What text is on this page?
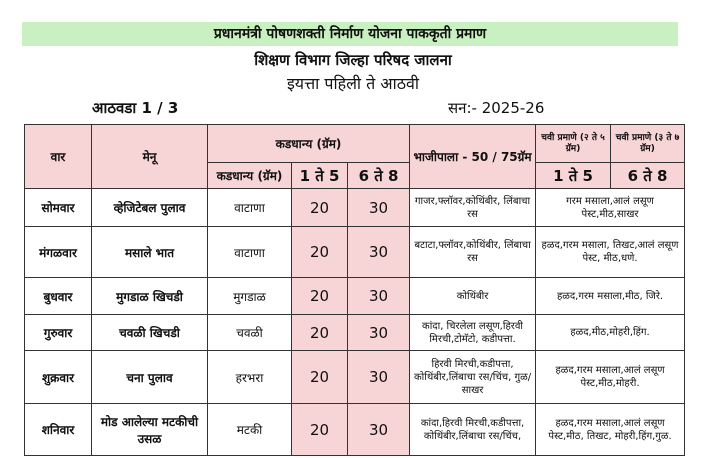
प्रधानमंत्री पोषणशक्ती निर्माण योजना पाककृती प्रमाण
शिक्षण विभाग जिल्हा परिषद जालना
इयत्ता पहिली ते आठवी
आठवडा 1 / 3	सन:- 2025-26
वार	मेनू	कडधान्य (ग्रॅम)			भाजीपाला - 50 / 75ग्रॅम	चवी प्रमाणे (२ ते ५ ग्रॅम)	चवी प्रमाणे (३ ते ७ ग्रॅम)
		कडधान्य (ग्रॅम)	1 ते 5	6 ते 8		1 ते 5	6 ते 8
सोमवार	व्हेजिटेबल पुलाव	वाटाणा	20	30	गाजर,फ्लॉवर,कोथिंबीर, लिंबाचा रस	गरम मसाला,आलं लसूण पेस्ट,मीठ,साखर	
मंगळवार	मसाले भात	वाटाणा	20	30	बटाटा,फ्लॉवर,कोथिंबीर, लिंबाचा रस	हळद,गरम मसाला, तिखट,आलं लसूण पेस्ट, मीठ,धणे.	
बुधवार	मुगडाळ खिचडी	मुगडाळ	20	30	कोथिंबीर	हळद,गरम मसाला,मीठ, जिरे.	
गुरुवार	चवळी खिचडी	चवळी	20	30	कांदा, चिरलेला लसूण,हिरवी मिरची,टोमॅटो, कडीपत्ता.	हळद,मीठ,मोहरी,हिंग.	
शुक्रवार	चना पुलाव	हरभरा	20	30	हिरवी मिरची,कडीपत्ता, कोथिंबीर,लिंबाचा रस/चिंच, गुळ/साखर	हळद,गरम मसाला,आलं लसूण पेस्ट,मीठ,मोहरी.	
शनिवार	मोड आलेल्या मटकीची उसळ	मटकी	20	30	कांदा,हिरवी मिरची,कडीपत्ता, कोथिंबीर,लिंबाचा रस/चिंच,	हळद,गरम मसाला,आलं लसूण पेस्ट,मीठ, तिखट, मोहरी,हिंग,गुळ.	
